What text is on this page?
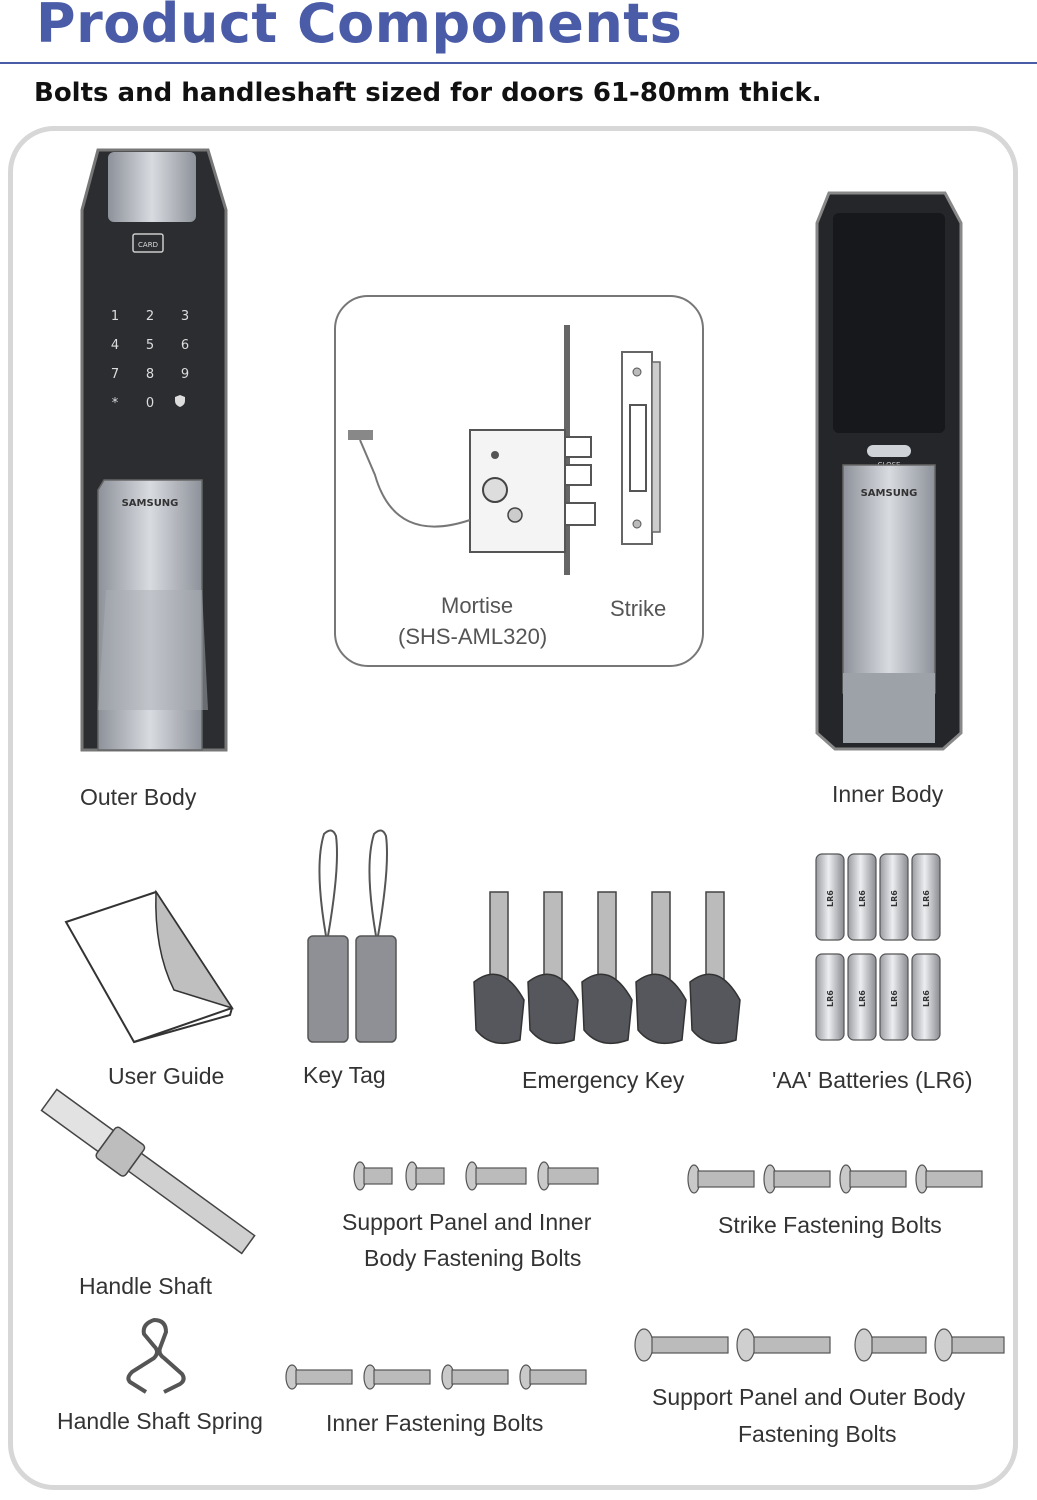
Product Components
Bolts and handleshaft sized for doors 61-80mm thick.
CARD
1 2 3
4 5 6
7 8 9
* 0
SAMSUNG
Outer Body
Mortise
(SHS-AML320)
Strike
SAMSUNG
Inner Body
User Guide	Key Tag	Emergency Key
LR6	LR6	LR6	LR6
LR6	LR6	LR6	LR6
'AA' Batteries (LR6)
Handle Shaft
Support Panel and Inner
Body Fastening Bolts
Strike Fastening Bolts
Handle Shaft Spring	Inner Fastening Bolts
Support Panel and Outer Body
Fastening Bolts
